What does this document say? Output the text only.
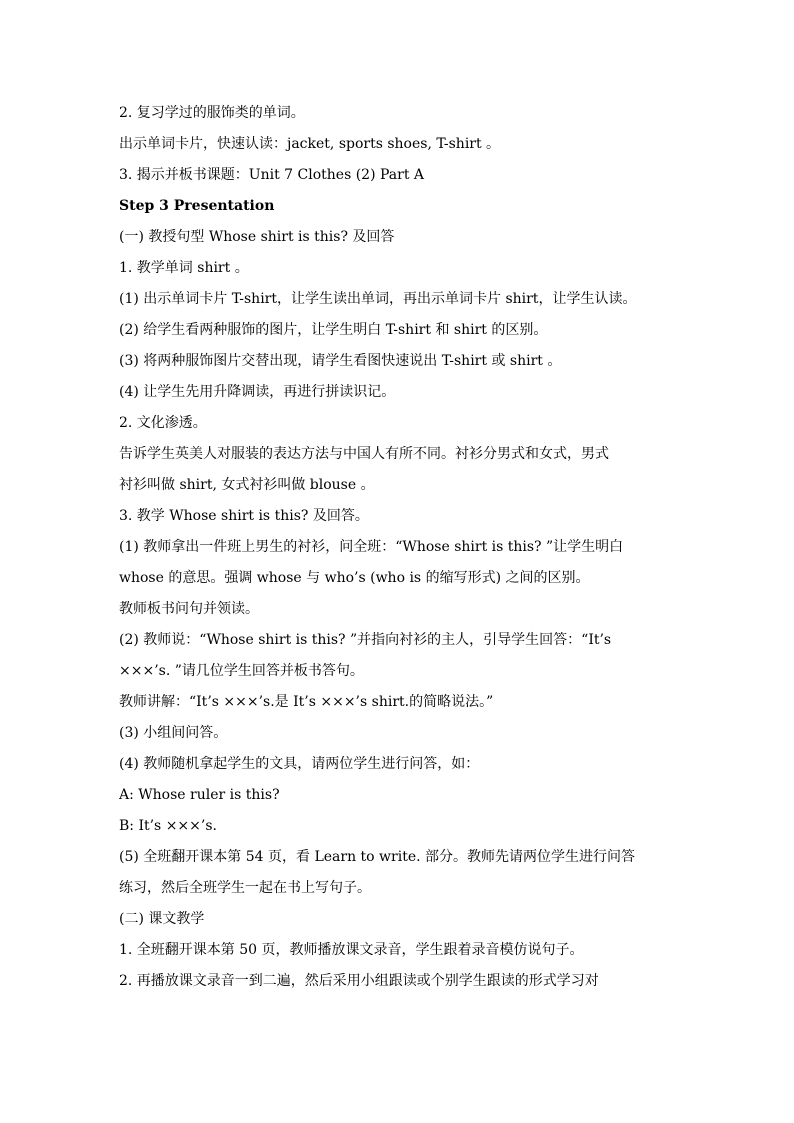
2. 复习学过的服饰类的单词。
出示单词卡片，快速认读：jacket, sports shoes, T-shirt 。
3. 揭示并板书课题：Unit 7 Clothes (2) Part A
Step 3 Presentation
(一) 教授句型 Whose shirt is this? 及回答
1. 教学单词 shirt 。
(1) 出示单词卡片 T-shirt，让学生读出单词，再出示单词卡片 shirt，让学生认读。
(2) 给学生看两种服饰的图片，让学生明白 T-shirt 和 shirt 的区别。
(3) 将两种服饰图片交替出现，请学生看图快速说出 T-shirt 或 shirt 。
(4) 让学生先用升降调读，再进行拼读识记。
2. 文化渗透。
告诉学生英美人对服装的表达方法与中国人有所不同。衬衫分男式和女式，男式
衬衫叫做 shirt, 女式衬衫叫做 blouse 。
3. 教学 Whose shirt is this? 及回答。
(1) 教师拿出一件班上男生的衬衫，问全班：“Whose shirt is this? ”让学生明白
whose 的意思。强调 whose 与 who’s (who is 的缩写形式) 之间的区别。
教师板书问句并领读。
(2) 教师说：“Whose shirt is this? ”并指向衬衫的主人，引导学生回答：“It’s
×××’s. ”请几位学生回答并板书答句。
教师讲解：“It’s ×××’s.是 It’s ×××’s shirt.的简略说法。”
(3) 小组间问答。
(4) 教师随机拿起学生的文具，请两位学生进行问答，如：
A: Whose ruler is this?
B: It’s ×××’s.
(5) 全班翻开课本第 54 页，看 Learn to write. 部分。教师先请两位学生进行问答
练习，然后全班学生一起在书上写句子。
(二) 课文教学
1. 全班翻开课本第 50 页，教师播放课文录音，学生跟着录音模仿说句子。
2. 再播放课文录音一到二遍，然后采用小组跟读或个别学生跟读的形式学习对
